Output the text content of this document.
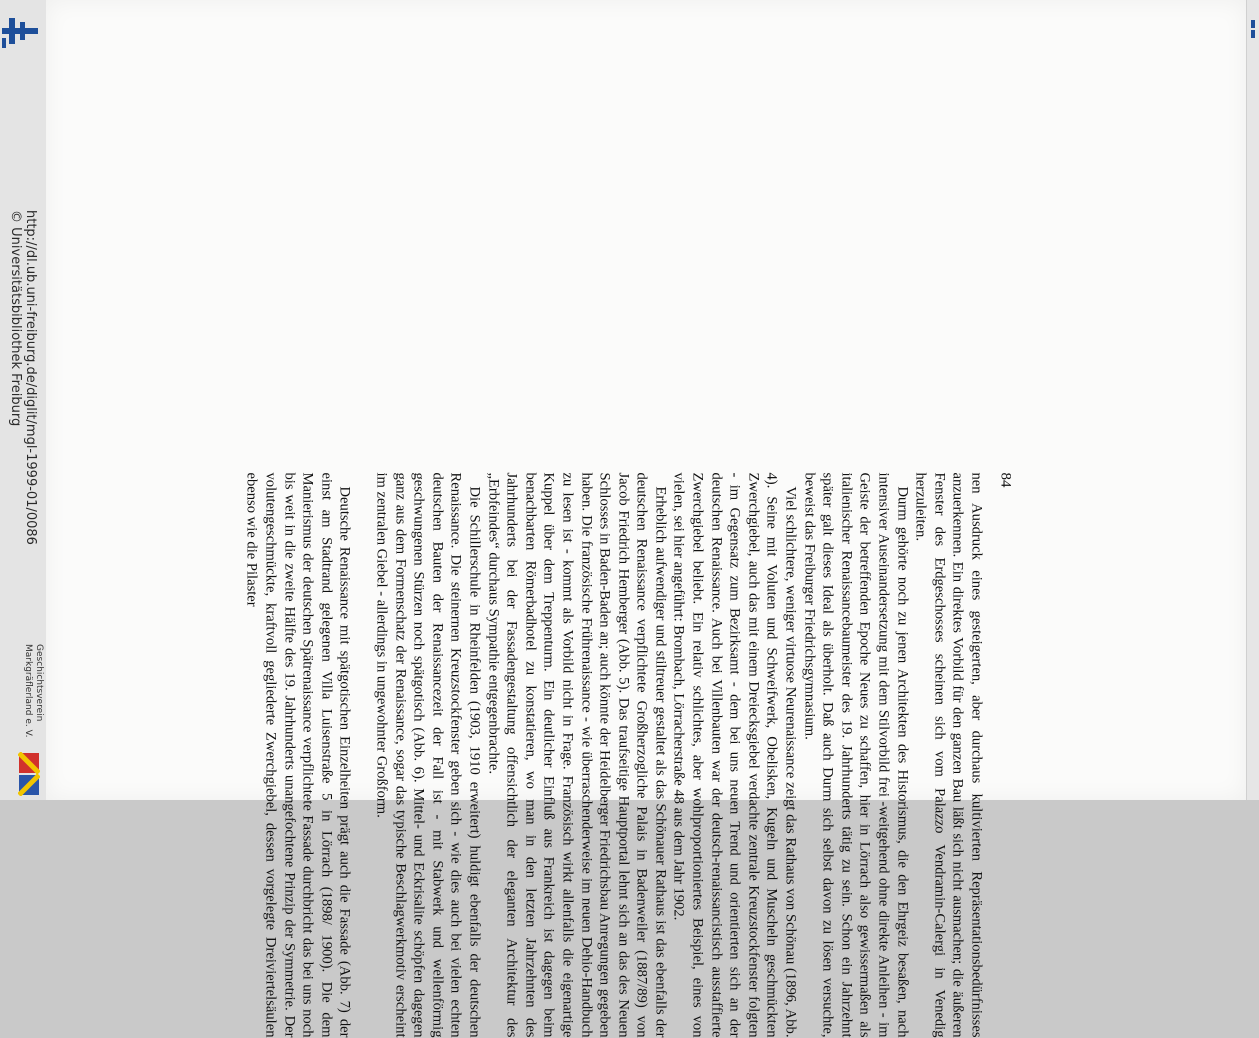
http://dl.ub.uni-freiburg.de/diglit/mgl-1999-01/0086
© Universitätsbibliothek Freiburg
Geschichtsverein
Markgräflerland e. V.
84

nen Ausdruck eines gesteigerten, aber durchaus kultivierten Repräsentationsbedürfnisses anzuerkennen. Ein direktes Vorbild für den ganzen Bau läßt sich nicht ausmachen; die äußeren Fenster des Erdgeschosses scheinen sich vom Palazzo Vendramin-Calergi in Venedig herzuleiten.

Durm gehörte noch zu jenen Architekten des Historismus, die den Ehrgeiz besaßen, nach intensiver Auseinandersetzung mit dem Stilvorbild frei -weitgehend ohne direkte Anleihen - im Geiste der betreffenden Epoche Neues zu schaffen, hier in Lörrach also gewissermaßen als italienischer Renaissancebaumeister des 19. Jahrhunderts tätig zu sein. Schon ein Jahrzehnt später galt dieses Ideal als überholt. Daß auch Durm sich selbst davon zu lösen versuchte, beweist das Freiburger Friedrichsgymnasium.

Viel schlichtere, weniger virtuose Neurenaissance zeigt das Rathaus von Schönau (1896, Abb. 4). Seine mit Voluten und Schweifwerk, Obelisken, Kugeln und Muscheln geschmückten Zwerchgiebel, auch das mit einem Dreiecksgiebel verdachte zentrale Kreuzstockfenster folgten - im Gegensatz zum Bezirksamt - dem bei uns neuen Trend und orientierten sich an der deutschen Renaissance. Auch bei Villenbauten war der deutsch-renaissancistisch ausstaffierte Zwerchgiebel beliebt. Ein relativ schlichtes, aber wohlproportioniertes Beispiel, eines von vielen, sei hier angeführt: Brombach, Lörracherstraße 48 aus dem Jahr 1902.

Erheblich aufwendiger und stiltreuer gestaltet als das Schönauer Rathaus ist das ebenfalls der deutschen Renaissance verpflichtete Großherzogliche Palais in Badenweiler (1887/89) von Jacob Friedrich Hemberger (Abb. 5). Das traufseitige Hauptportal lehnt sich an das des Neuen Schlosses in Baden-Baden an; auch könnte der Heidelberger Friedrichsbau Anregungen gegeben haben. Die französische Frührenaissance - wie überraschenderweise im neuen Dehio-Handbuch zu lesen ist - kommt als Vorbild nicht in Frage. Französisch wirkt allenfalls die eigenartige Kuppel über dem Treppenturm. Ein deutlicher Einfluß aus Frankreich ist dagegen beim benachbarten Römerbadhotel zu konstatieren, wo man in den letzten Jahrzehnten des Jahrhunderts bei der Fassadengestaltung offensichtlich der eleganten Architektur des „Erbfeindes“ durchaus Sympathie entgegenbrachte.

Die Schillerschule in Rheinfelden (1903, 1910 erweitert) huldigt ebenfalls der deutschen Renaissance. Die steinernen Kreuzstockfenster geben sich - wie dies auch bei vielen echten deutschen Bauten der Renaissancezeit der Fall ist - mit Stabwerk und wellenförmig geschwungenen Stürzen noch spätgotisch (Abb. 6). Mittel- und Eckrisalite schöpfen dagegen ganz aus dem Formenschatz der Renaissance, sogar das typische Beschlagwerkmotiv erscheint im zentralen Giebel - allerdings in ungewohnter Großform.

Deutsche Renaissance mit spätgotischen Einzelheiten prägt auch die Fassade (Abb. 7) der einst am Stadtrand gelegenen Villa Luisenstraße 5 in Lörrach (1898/ 1900). Die dem Manierismus der deutschen Spätrenaissance verpflichtete Fassade durchbricht das bei uns noch bis weit in die zweite Hälfte des 19. Jahrhunderts unangefochtene Prinzip der Symmetrie. Der volutengeschmückte, kraftvoll gegliederte Zwerchgiebel, dessen vorgelegte Dreiviertelsäulen ebenso wie die Pilaster
